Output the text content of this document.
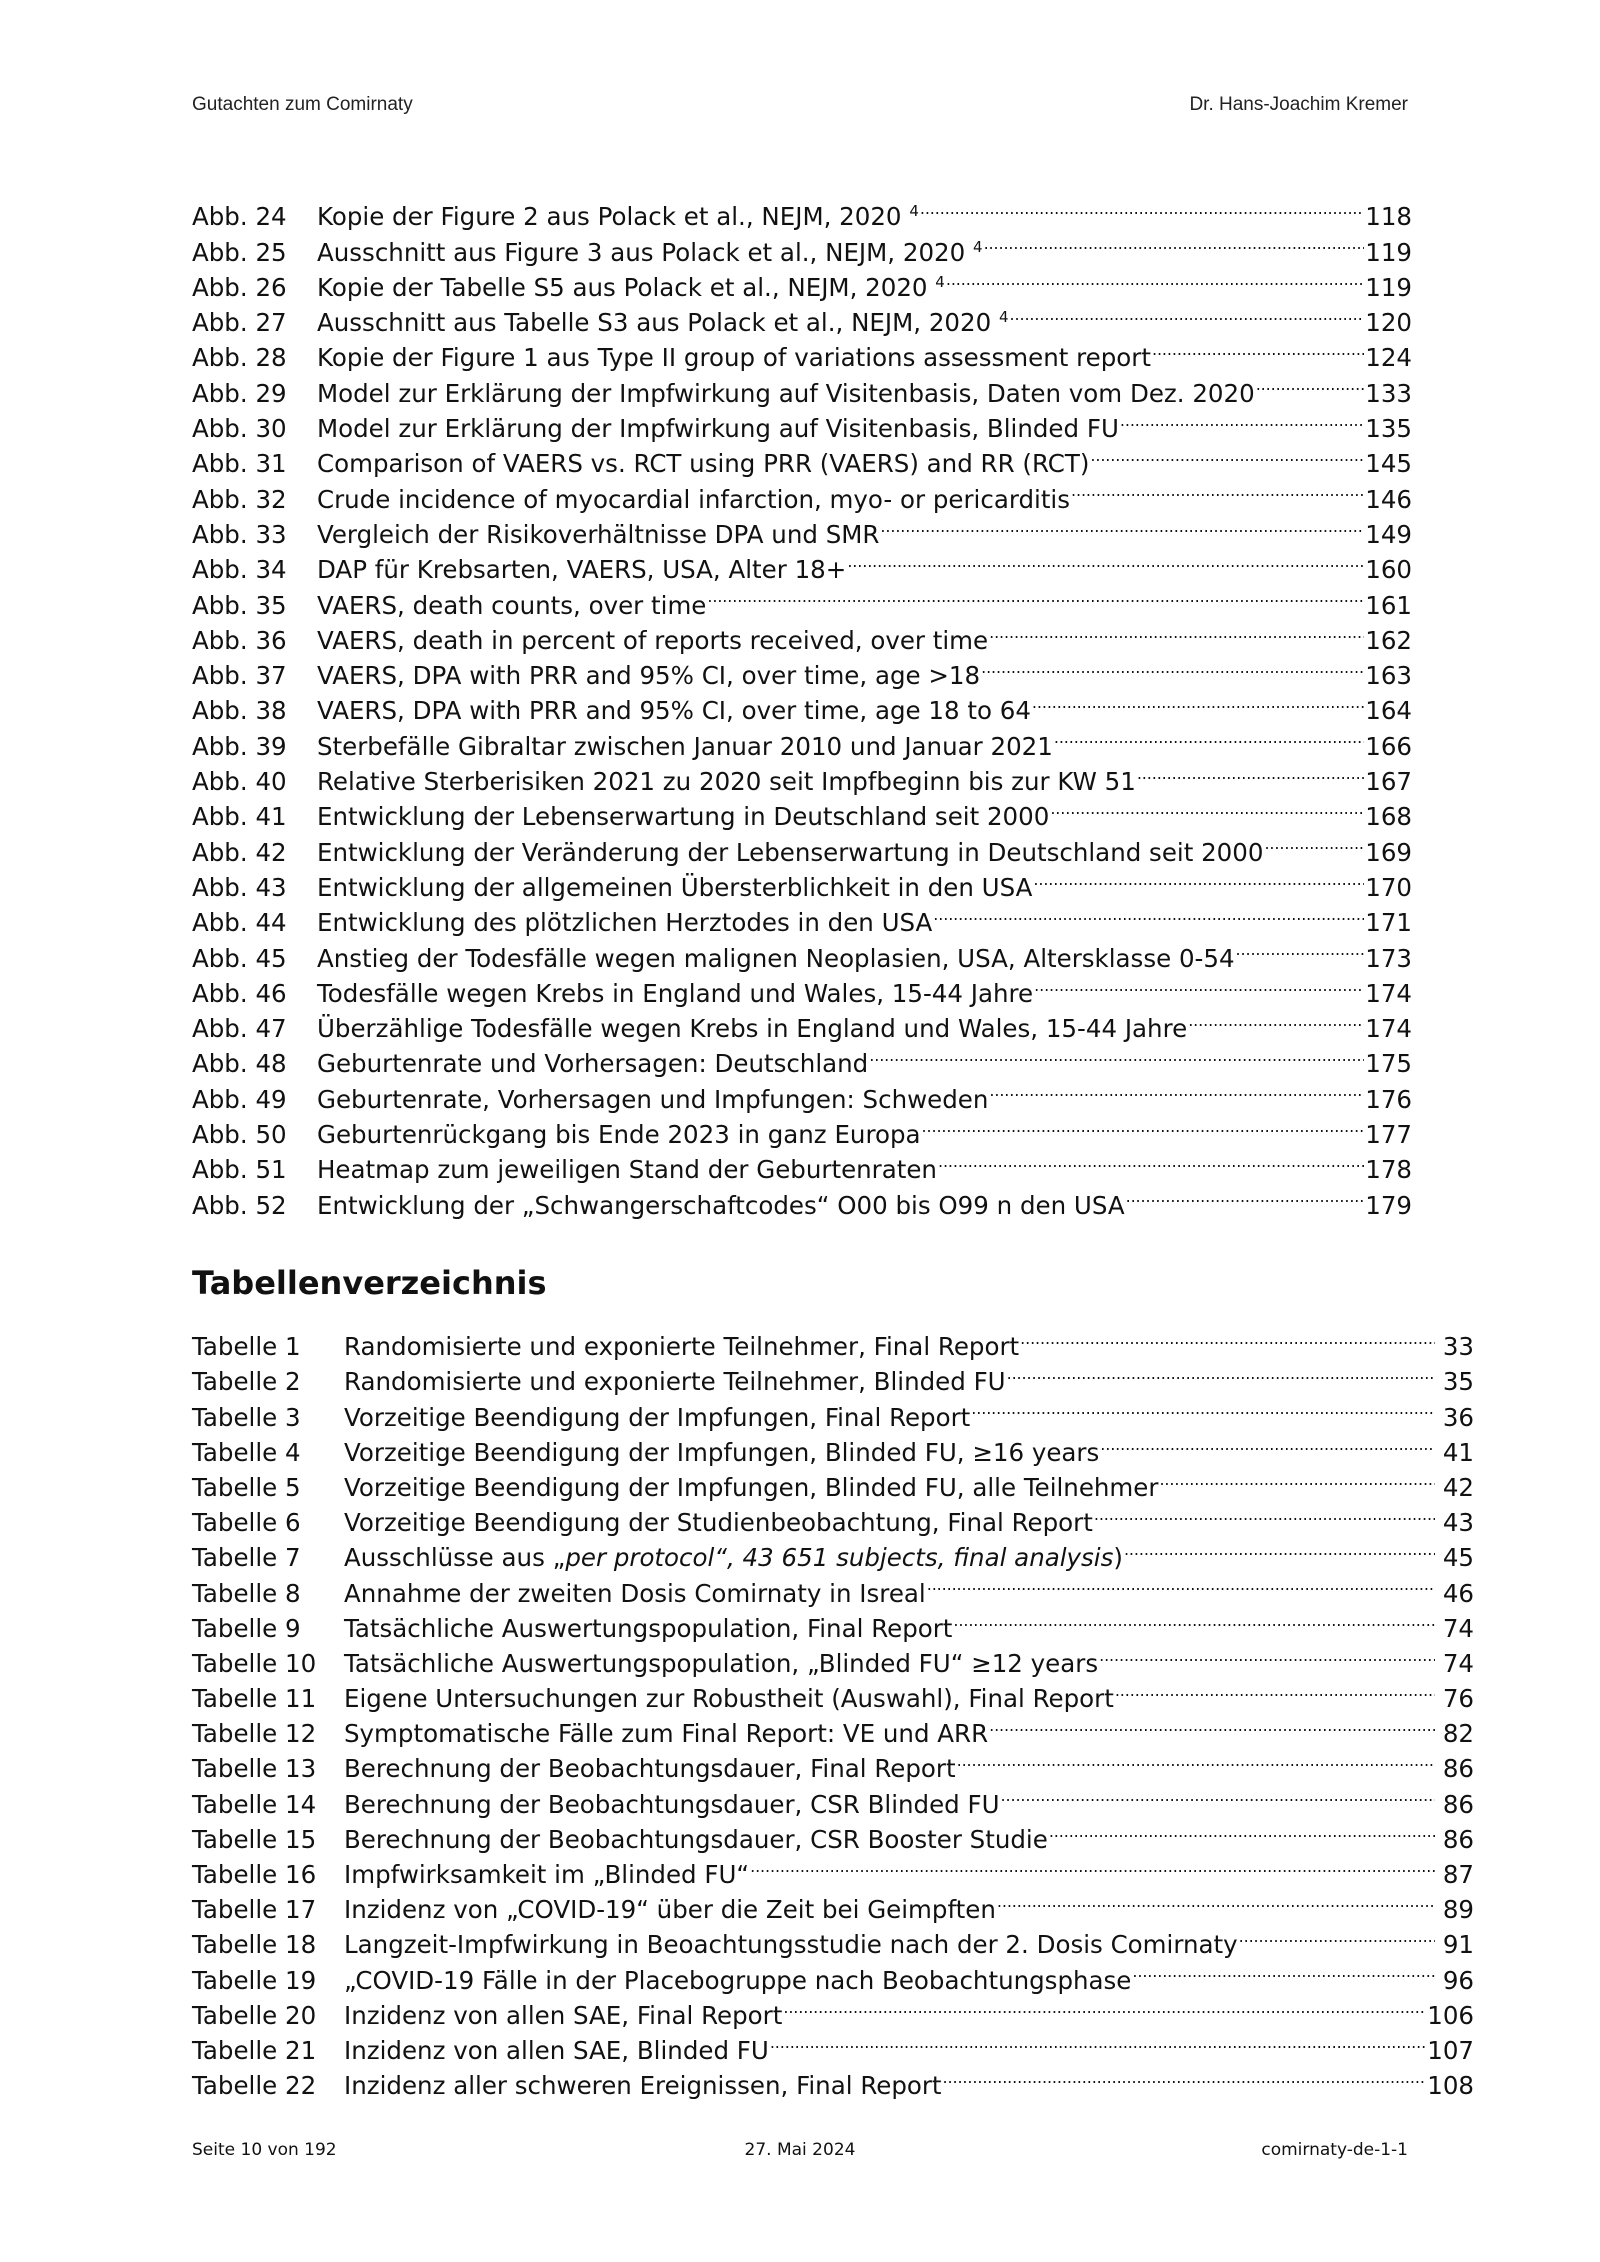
Gutachten zum Comirnaty	Dr. Hans-Joachim Kremer
Abb. 24	Kopie der Figure 2 aus Polack et al., NEJM, 2020 $^4$ . . .	118
Abb. 25	Ausschnitt aus Figure 3 aus Polack et al., NEJM, 2020 $^4$ . . .	119
Abb. 26	Kopie der Tabelle S5 aus Polack et al., NEJM, 2020 $^4$ . . .	119
Abb. 27	Ausschnitt aus Tabelle S3 aus Polack et al., NEJM, 2020 $^4$ . . .	120
Abb. 28	Kopie der Figure 1 aus Type II group of variations assessment report . . .	124
Abb. 29	Model zur Erklärung der Impfwirkung auf Visitenbasis, Daten vom Dez. 2020 . . .	133
Abb. 30	Model zur Erklärung der Impfwirkung auf Visitenbasis, Blinded FU . . .	135
Abb. 31	Comparison of VAERS vs. RCT using PRR (VAERS) and RR (RCT) . . .	145
Abb. 32	Crude incidence of myocardial infarction, myo- or pericarditis . . .	146
Abb. 33	Vergleich der Risikoverhältnisse DPA und SMR . . .	149
Abb. 34	DAP für Krebsarten, VAERS, USA, Alter 18+ . . .	160
Abb. 35	VAERS, death counts, over time . . .	161
Abb. 36	VAERS, death in percent of reports received, over time . . .	162
Abb. 37	VAERS, DPA with PRR and 95% CI, over time, age >18 . . .	163
Abb. 38	VAERS, DPA with PRR and 95% CI, over time, age 18 to 64 . . .	164
Abb. 39	Sterbefälle Gibraltar zwischen Januar 2010 und Januar 2021 . . .	166
Abb. 40	Relative Sterberisiken 2021 zu 2020 seit Impfbeginn bis zur KW 51 . . .	167
Abb. 41	Entwicklung der Lebenserwartung in Deutschland seit 2000 . . .	168
Abb. 42	Entwicklung der Veränderung der Lebenserwartung in Deutschland seit 2000 . . .	169
Abb. 43	Entwicklung der allgemeinen Übersterblichkeit in den USA . . .	170
Abb. 44	Entwicklung des plötzlichen Herztodes in den USA . . .	171
Abb. 45	Anstieg der Todesfälle wegen malignen Neoplasien, USA, Altersklasse 0-54 . . .	173
Abb. 46	Todesfälle wegen Krebs in England und Wales, 15-44 Jahre . . .	174
Abb. 47	Überzählige Todesfälle wegen Krebs in England und Wales, 15-44 Jahre . . .	174
Abb. 48	Geburtenrate und Vorhersagen: Deutschland . . .	175
Abb. 49	Geburtenrate, Vorhersagen und Impfungen: Schweden . . .	176
Abb. 50	Geburtenrückgang bis Ende 2023 in ganz Europa . . .	177
Abb. 51	Heatmap zum jeweiligen Stand der Geburtenraten . . .	178
Abb. 52	Entwicklung der „Schwangerschaftcodes“ O00 bis O99 n den USA . . .	179
Tabellenverzeichnis
Tabelle 1	Randomisierte und exponierte Teilnehmer, Final Report . . .	33
Tabelle 2	Randomisierte und exponierte Teilnehmer, Blinded FU . . .	35
Tabelle 3	Vorzeitige Beendigung der Impfungen, Final Report . . .	36
Tabelle 4	Vorzeitige Beendigung der Impfungen, Blinded FU, ≥16 years . . .	41
Tabelle 5	Vorzeitige Beendigung der Impfungen, Blinded FU, alle Teilnehmer . . .	42
Tabelle 6	Vorzeitige Beendigung der Studienbeobachtung, Final Report . . .	43
Tabelle 7	Ausschlüsse aus „per protocol“, 43 651 subjects, final analysis) . . .	45
Tabelle 8	Annahme der zweiten Dosis Comirnaty in Isreal . . .	46
Tabelle 9	Tatsächliche Auswertungspopulation, Final Report . . .	74
Tabelle 10	Tatsächliche Auswertungspopulation, „Blinded FU“ ≥12 years . . .	74
Tabelle 11	Eigene Untersuchungen zur Robustheit (Auswahl), Final Report . . .	76
Tabelle 12	Symptomatische Fälle zum Final Report: VE und ARR . . .	82
Tabelle 13	Berechnung der Beobachtungsdauer, Final Report . . .	86
Tabelle 14	Berechnung der Beobachtungsdauer, CSR Blinded FU . . .	86
Tabelle 15	Berechnung der Beobachtungsdauer, CSR Booster Studie . . .	86
Tabelle 16	Impfwirksamkeit im „Blinded FU“ . . .	87
Tabelle 17	Inzidenz von „COVID-19“ über die Zeit bei Geimpften . . .	89
Tabelle 18	Langzeit-Impfwirkung in Beoachtungsstudie nach der 2. Dosis Comirnaty . . .	91
Tabelle 19	„COVID-19 Fälle in der Placebogruppe nach Beobachtungsphase . . .	96
Tabelle 20	Inzidenz von allen SAE, Final Report . . .	106
Tabelle 21	Inzidenz von allen SAE, Blinded FU . . .	107
Tabelle 22	Inzidenz aller schweren Ereignissen, Final Report . . .	108
Seite 10 von 192	27. Mai 2024	comirnaty-de-1-1
